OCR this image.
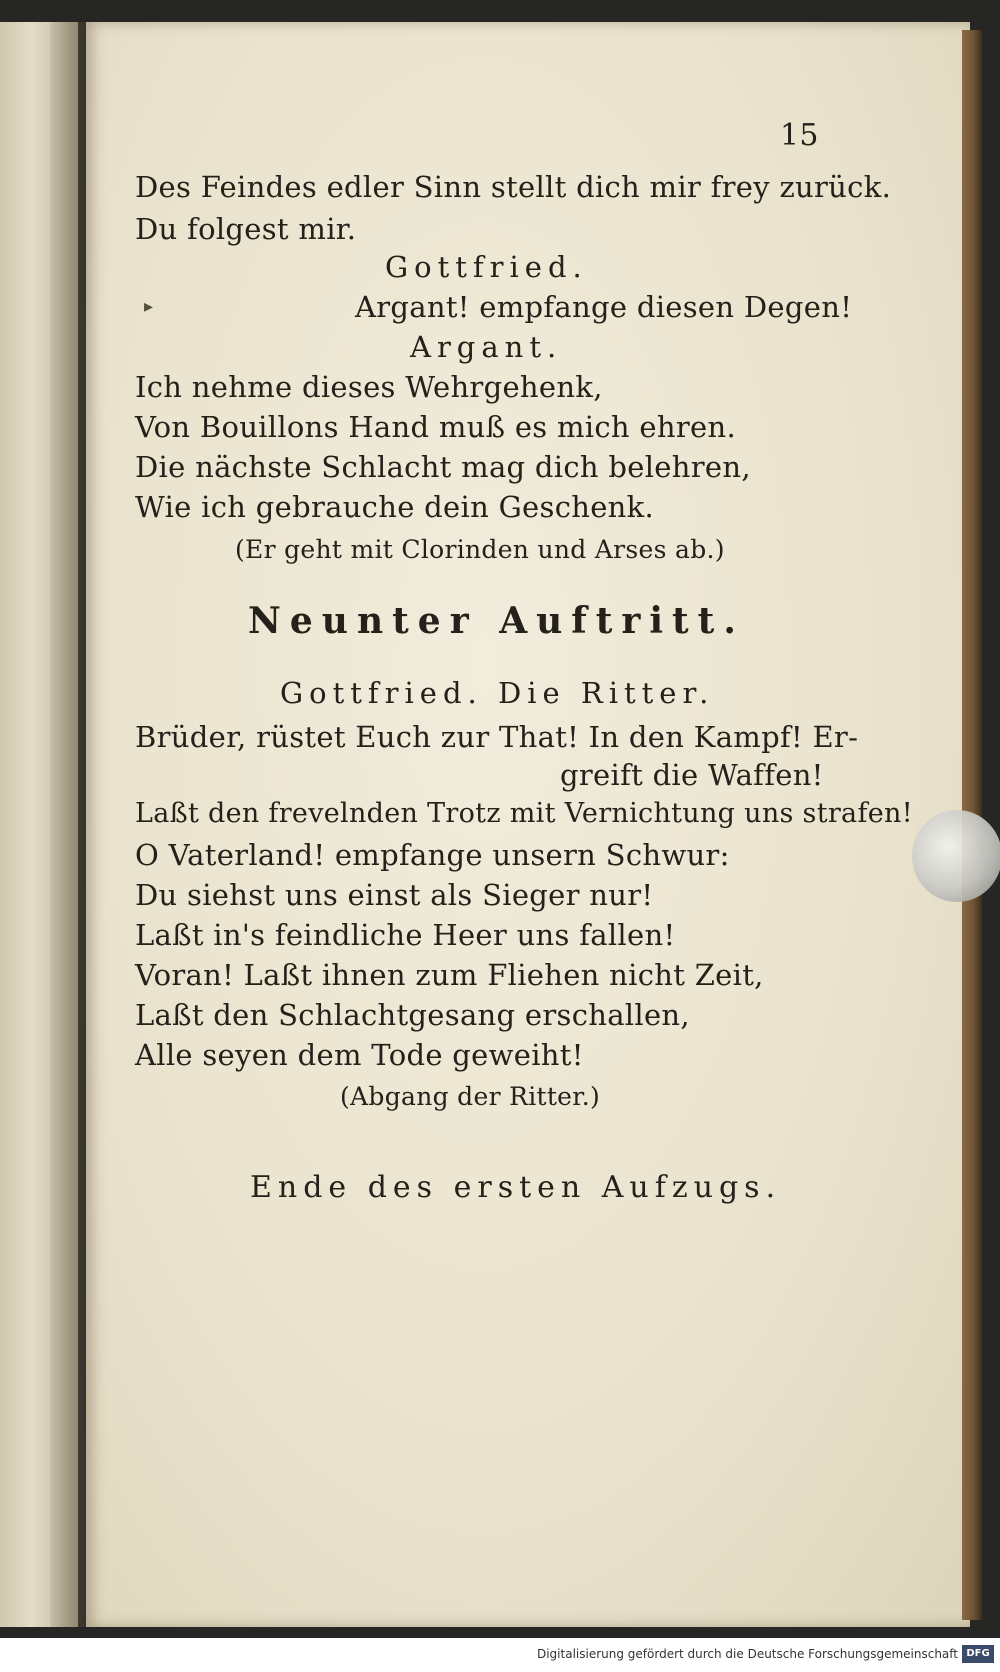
15
Des Feindes edler Sinn stellt dich mir frey zurück.
Du folgest mir.
Gottfried.
▸	Argant! empfange diesen Degen!
Argant.
Ich nehme dieses Wehrgehenk,
Von Bouillons Hand muß es mich ehren.
Die nächste Schlacht mag dich belehren,
Wie ich gebrauche dein Geschenk.
(Er geht mit Clorinden und Arses ab.)
Neunter Auftritt.
Gottfried. Die Ritter.
Brüder, rüstet Euch zur That! In den Kampf! Er-
greift die Waffen!
Laßt den frevelnden Trotz mit Vernichtung uns strafen!
O Vaterland! empfange unsern Schwur:
Du siehst uns einst als Sieger nur!
Laßt in's feindliche Heer uns fallen!
Voran! Laßt ihnen zum Fliehen nicht Zeit,
Laßt den Schlachtgesang erschallen,
Alle seyen dem Tode geweiht!
(Abgang der Ritter.)
Ende des ersten Aufzugs.
Digitalisierung gefördert durch die Deutsche Forschungsgemeinschaft DFG
